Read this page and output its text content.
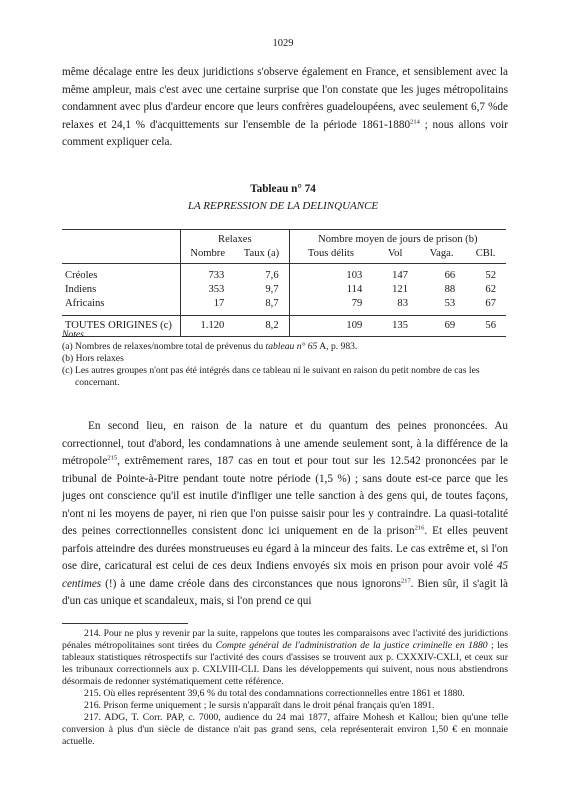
1029

même décalage entre les deux juridictions s'observe également en France, et sensiblement avec la même ampleur, mais c'est avec une certaine surprise que l'on constate que les juges métropolitains condamnent avec plus d'ardeur encore que leurs confrères guadeloupéens, avec seulement 6,7 %de relaxes et 24,1 % d'acquittements sur l'ensemble de la période 1861-1880$^{214}$ ; nous allons voir comment expliquer cela.

Tableau n° 74
LA REPRESSION DE LA DELINQUANCE
	Relaxes		Nombre moyen de jours de prison (b)			
	Nombre	Taux (a)	Tous délits	Vol	Vaga.	CBl.
Créoles	733	7,6	103	147	66	52
Indiens	353	9,7	114	121	88	62
Africains	17	8,7	79	83	53	67
TOUTES ORIGINES (c)	1.120	8,2	109	135	69	56
Notes
(a) Nombres de relaxes/nombre total de prévenus du tableau n° 65 A, p. 983.
(b) Hors relaxes
(c) Les autres groupes n'ont pas été intégrés dans ce tableau ni le suivant en raison du petit nombre de cas les concernant.

En second lieu, en raison de la nature et du quantum des peines prononcées. Au correctionnel, tout d'abord, les condamnations à une amende seulement sont, à la différence de la métropole$^{215}$, extrêmement rares, 187 cas en tout et pour tout sur les 12.542 prononcées par le tribunal de Pointe-à-Pitre pendant toute notre période (1,5 %) ; sans doute est-ce parce que les juges ont conscience qu'il est inutile d'infliger une telle sanction à des gens qui, de toutes façons, n'ont ni les moyens de payer, ni rien que l'on puisse saisir pour les y contraindre. La quasi-totalité des peines correctionnelles consistent donc ici uniquement en de la prison$^{216}$. Et elles peuvent parfois atteindre des durées monstrueuses eu égard à la minceur des faits. Le cas extrême et, si l'on ose dire, caricatural est celui de ces deux Indiens envoyés six mois en prison pour avoir volé 45 centimes (!) à une dame créole dans des circonstances que nous ignorons$^{217}$. Bien sûr, il s'agit là d'un cas unique et scandaleux, mais, si l'on prend ce qui

214. Pour ne plus y revenir par la suite, rappelons que toutes les comparaisons avec l'activité des juridictions pénales métropolitaines sont tirées du Compte général de l'administration de la justice criminelle en 1880 ; les tableaux statistiques rétrospectifs sur l'activité des cours d'assises se trouvent aux p. CXXXIV-CXLI, et ceux sur les tribunaux correctionnels aux p. CXLVIII-CLI. Dans les développements qui suivent, nous nous abstiendrons désormais de redonner systématiquement cette référence.

215. Où elles représentent 39,6 % du total des condamnations correctionnelles entre 1861 et 1880.

216. Prison ferme uniquement ; le sursis n'apparaît dans le droit pénal français qu'en 1891.

217. ADG, T. Corr. PAP, c. 7000, audience du 24 mai 1877, affaire Mohesh et Kallou; bien qu'une telle conversion à plus d'un siècle de distance n'ait pas grand sens, cela représenterait environ 1,50 € en monnaie actuelle.
